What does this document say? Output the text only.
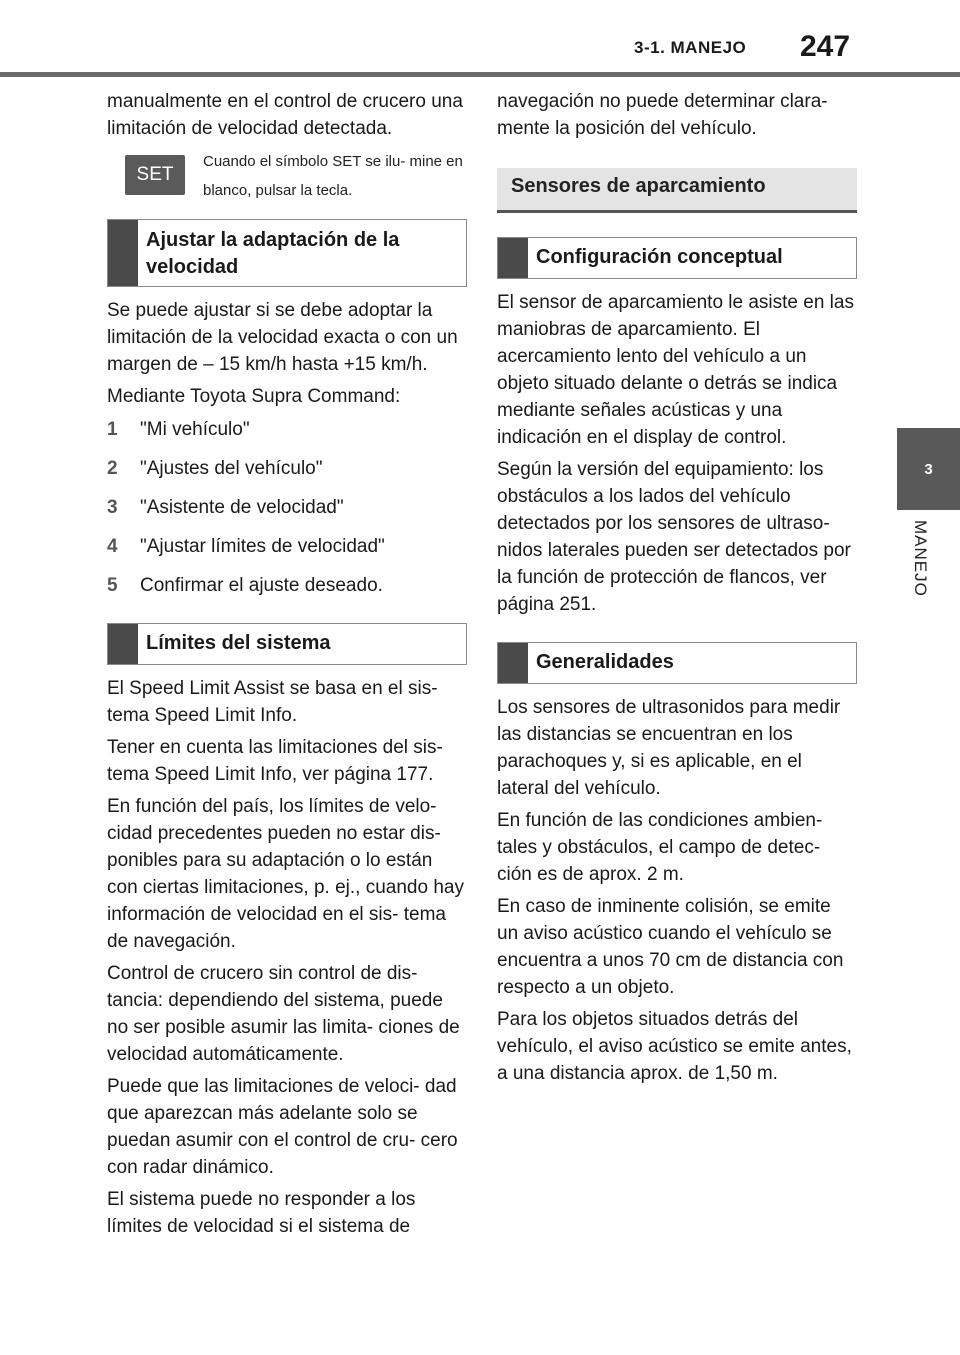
3-1. MANEJO 247
3
MANEJO

manualmente en el control de crucero una limitación de velocidad detectada.

SET
Cuando el símbolo SET se ilu- mine en blanco, pulsar la tecla.
Ajustar la adaptación de la velocidad

Se puede ajustar si se debe adoptar la limitación de la velocidad exacta o con un margen de – 15 km/h hasta +15 km/h.

Mediante Toyota Supra Command:

1	"Mi vehículo"
2	"Ajustes del vehículo"
3	"Asistente de velocidad"
4	"Ajustar límites de velocidad"
5	Confirmar el ajuste deseado.
Límites del sistema

El Speed Limit Assist se basa en el sis- tema Speed Limit Info.

Tener en cuenta las limitaciones del sis- tema Speed Limit Info, ver página 177.

En función del país, los límites de velo- cidad precedentes pueden no estar dis- ponibles para su adaptación o lo están con ciertas limitaciones, p. ej., cuando hay información de velocidad en el sis- tema de navegación.

Control de crucero sin control de dis- tancia: dependiendo del sistema, puede no ser posible asumir las limita- ciones de velocidad automáticamente.

Puede que las limitaciones de veloci- dad que aparezcan más adelante solo se puedan asumir con el control de cru- cero con radar dinámico.

El sistema puede no responder a los límites de velocidad si el sistema de

navegación no puede determinar clara- mente la posición del vehículo.

Sensores de aparcamiento
Configuración conceptual

El sensor de aparcamiento le asiste en las maniobras de aparcamiento. El acercamiento lento del vehículo a un objeto situado delante o detrás se indica mediante señales acústicas y una indicación en el display de control.

Según la versión del equipamiento: los obstáculos a los lados del vehículo detectados por los sensores de ultraso- nidos laterales pueden ser detectados por la función de protección de flancos, ver página 251.

Generalidades

Los sensores de ultrasonidos para medir las distancias se encuentran en los parachoques y, si es aplicable, en el lateral del vehículo.

En función de las condiciones ambien- tales y obstáculos, el campo de detec- ción es de aprox. 2 m.

En caso de inminente colisión, se emite un aviso acústico cuando el vehículo se encuentra a unos 70 cm de distancia con respecto a un objeto.

Para los objetos situados detrás del vehículo, el aviso acústico se emite antes, a una distancia aprox. de 1,50 m.
